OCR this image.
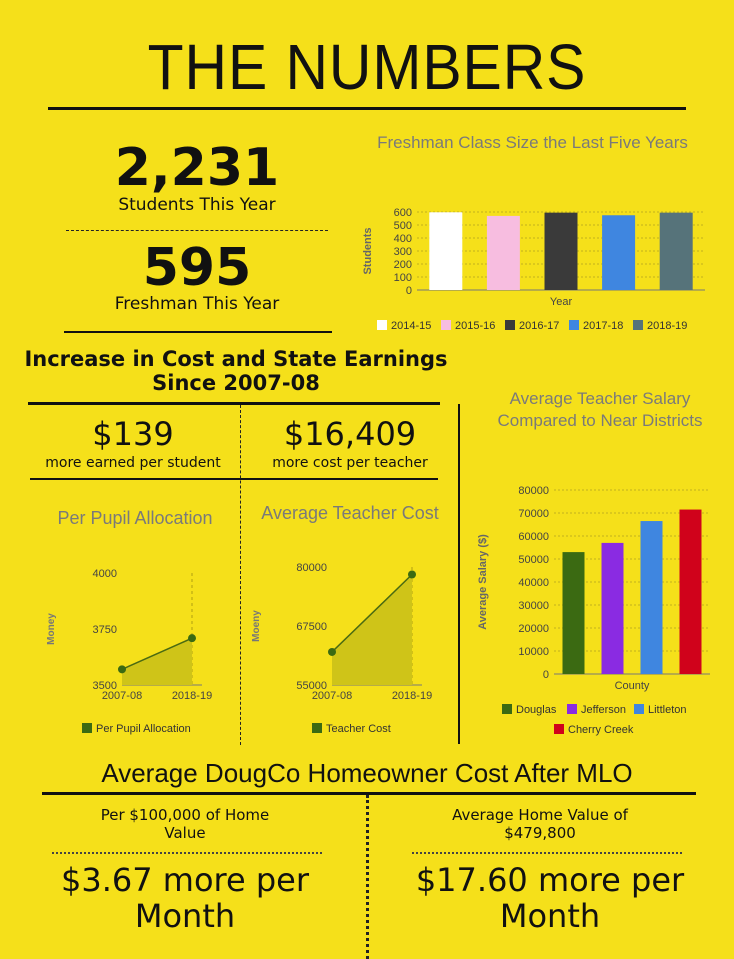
THE NUMBERS
2,231
Students This Year
595
Freshman This Year
Freshman Class Size the Last Five Years
0
100
200
300
400
500
600
Year
Students
2014-15 2015-16 2016-17 2017-18 2018-19
Increase in Cost and State Earnings
Since 2007-08
$139
more earned per student
$16,409
more cost per teacher
Per Pupil Allocation
3500
3750
4000
2007-08	2018-19
Money
Per Pupil Allocation
Average Teacher Cost
55000
67500
80000
2007-08	2018-19
Moeny
Teacher Cost
Average Teacher Salary Compared to Near Districts
0
10000
20000
30000
40000
50000
60000
70000
80000
County
Average Salary ($)
Douglas Jefferson Littleton
Cherry Creek
Average DougCo Homeowner Cost After MLO
Per $100,000 of Home Value
$3.67 more per Month
Average Home Value of $479,800
$17.60 more per Month
